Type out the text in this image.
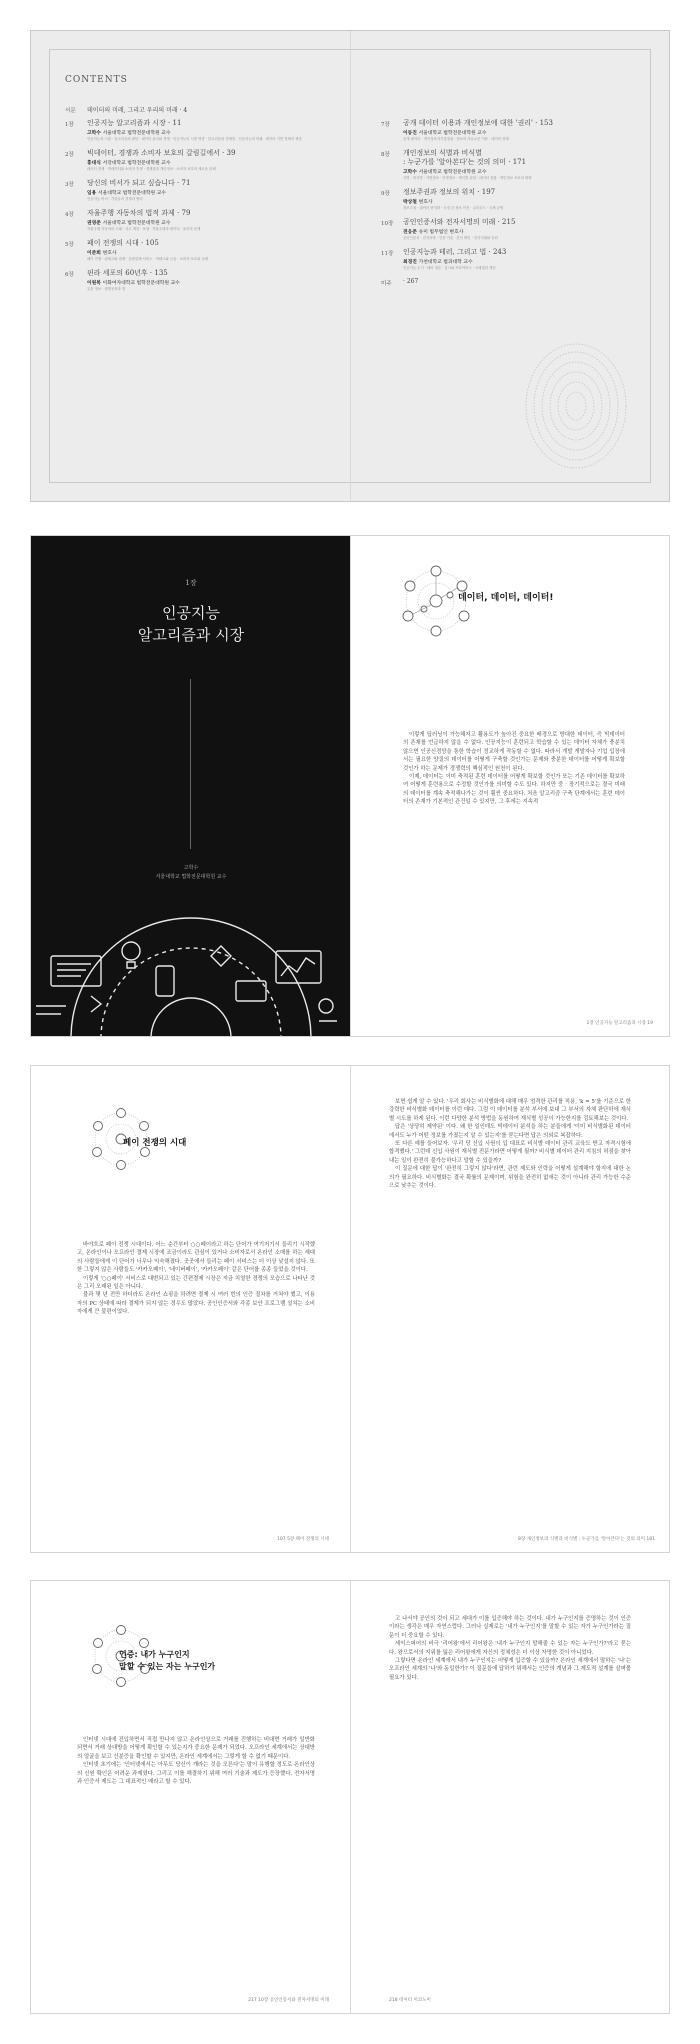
CONTENTS
서문	데이터의 미래, 그리고 우리의 미래 · 4
1장	인공지능 알고리즘과 시장 · 11
고학수 서울대학교 법학전문대학원 교수
인공지능과 시장 · 알고리즘의 판단 · 데이터 윤리와 경쟁 · 인공지능의 시장 영향 · 알고리즘과 경쟁법 · 인공지능의 미래 · 데이터 기반 경제의 쟁점
2장	빅데이터, 경쟁과 소비자 보호의 갈림길에서 · 39
홍대식 서강대학교 법학전문대학원 교수
데이터 경쟁 · 빅데이터와 소비자 후생 · 경쟁법과 개인정보 · 소비자 보호의 새로운 과제
3장	당신의 비서가 되고 싶습니다 · 71
임용 서울대학교 법학전문대학원 교수
인공지능 비서 · 기업들의 경쟁과 협력
4장	자율주행 자동차의 법적 과제 · 79
권영준 서울대학교 법학전문대학원 교수
자율주행 자동차의 도래 · 사고 책임 · 보험 · 자율주행과 데이터 · 윤리적 문제
5장	페이 전쟁의 시대 · 105
이준희 변호사
페이 전쟁 · 핀테크와 결제 · 간편결제 서비스 · 빅테크와 금융 · 소비자 보호와 규제
6장	핀라 세포의 60년후 · 135
이원복 이화여자대학교 법학전문대학원 교수
유전 정보 · 생명공학과 법
7장	공개 데이터 이용과 개인정보에 대한 '권리' · 153
이동진 서울대학교 법학전문대학원 교수
공개 데이터 · 개인정보자기결정권 · 정보의 자유로운 이용 · 데이터 경제
8장	개인정보의 식별과 비식별
: 누군가를 '알아본다'는 것의 의미 · 171
고학수 서울대학교 법학전문대학원 교수
식별 · 비식별 · 가명정보 · 익명정보 · 재식별 위험 · 데이터 결합 · 개인정보 보호의 방향
9장	정보주권과 정보의 위치 · 197
박상철 변호사
정보주권 · 데이터 현지화 · 국경 간 정보 이전 · 클라우드 · 국제 규범
10장	공인인증서와 전자서명의 미래 · 215
전응준 유미 법무법인 변호사
공인인증서 · 전자서명 · 인증 기술 · 본인 확인 · 전자거래와 신뢰
11장	인공지능과 테러, 그리고 법 · 243
최경진 가천대학교 법과대학 교수
인공지능 무기 · 테러 대응 · 감시와 프라이버시 · 국제법과 책임
미주	· 267
1장
인공지능
알고리즘과 시장
고학수
서울대학교 법학전문대학원 교수
데이터, 데이터, 데이터!

이렇게 딥러닝이 가능해지고 활용도가 높아진 중요한 배경으로 방대한 데이터, 즉 빅데이터의 존재를 언급하지 않을 수 없다. 인공지능이 훈련되고 학습할 수 있는 데이터 자체가 충분치 않으면 인공신경망을 통한 학습이 정교하게 작동할 수 없다. 따라서 개발 개발자나 기업 입장에서는 필요한 양질의 데이터를 어떻게 구축할 것인가는 문제와 충분한 데이터를 어떻게 확보할 것인가 하는 문제가 경쟁력의 핵심적인 원천이 된다.

이제, 데이터는 이미 축적된 훈련 데이터를 어떻게 확보할 것인가 또는 기존 데이터를 확보하여 어떻게 훈련용으로 수정할 것인가를 의미할 수도 있다. 하지만 중 · 장기적으로는 결국 미래의 데이터를 계속 축적해나가는 것이 훨씬 중요하다. 처음 알고리즘 구축 단계에서는 훈련 데이터의 존재가 기본적인 관건일 수 있지만, 그 후에는 지속적

1장 인공지능 알고리즘과 시장 19
페이 전쟁의 시대

바야흐로 페이 전쟁 시대이다. 어느 순간부터 ○○페이라고 하는 단어가 여기저기서 들리기 시작했고, 온라인이나 오프라인 결제 시장에 조금이라도 관심이 있거나 소비자로서 온라인 소매를 하는 세대의 사람들에게 이 단어가 너무나 익숙해졌다. 곳곳에서 들리는 페이 서비스는 더 이상 낯설지 않다. 또한 그렇지 않은 사람들도 '카카오페이', '네이버페이', '카카오페이' 같은 단어를 종종 들었을 것이다.

이렇게 '○○페이' 서비스로 대변되고 있는 간편결제 시장은 지금 치열한 경쟁의 모습으로 나타난 것은 그리 오래된 일은 아니다.

불과 몇 년 전만 하더라도 온라인 쇼핑을 하려면 결제 시 여러 번의 인증 절차를 거쳐야 했고, 이용자의 PC 상태에 따라 결제가 되지 않는 경우도 많았다. 공인인증서와 각종 보안 프로그램 설치는 소비자에게 큰 불편이었다.

107 5장 페이 전쟁의 시대

보면 쉽게 알 수 있다. '우리 회사는 비식별화에 대해 매우 엄격한 관리를 적용, 'k = 5'를 기준으로 한 강력한 비식별화 데이터를 이런 데다. 그럼 이 데이터를 분석 부서에 보내 그 부서의 자체 판단하에 재식별 시도를 하게 된다. 이런 다양한 분석 방법을 동원하여 재식별 성공이 가능한지를 검토해보는 것이다.

답은 '상당히 제약된' 이다. 왜 한 일인데도 빅데이터 분석을 하는 분들에게 '이미 비식별화된 데이터에서도 누가 어떤 정보를 가졌는지 알 수 있는지'를 묻는다면 답은 의외로 복잡하다.

또 다른 예를 들어보자. '우리 당 신입 사원이 입 대표로 비식별 데이터 관리 교육도 받고 자격시험에 합격했다.' 그런데 신입 사원이 재식별 전문가라면 어떻게 될까? 비식별 데이터 관리 지침의 허점을 찾아내는 일이 완전히 불가능하다고 말할 수 있을까?

이 질문에 대한 답이 '완전히 그렇지 않다'라면, 관련 제도와 인력을 어떻게 설계해야 할지에 대한 논의가 필요하다. 비식별화는 결국 확률의 문제이며, 위험을 완전히 없애는 것이 아니라 관리 가능한 수준으로 낮추는 것이다.

8장 개인정보의 식별과 비식별 : 누군가를 '알아본다'는 것의 의미 181
인증: 내가 누구인지
말할 수 있는 자는 누구인가

인터넷 시대에 진입하면서 직접 만나지 않고 온라인상으로 거래를 진행하는 비대면 거래가 일반화되면서 거래 상대방을 어떻게 확인할 수 있는지가 중요한 문제가 되었다. 오프라인 세계에서는 상대방의 얼굴을 보고 신분증을 확인할 수 있지만, 온라인 세계에서는 그렇게 할 수 없기 때문이다.

인터넷 초기에는 '인터넷에서는 아무도 당신이 개라는 것을 모른다'는 말이 유행할 정도로 온라인상의 신원 확인은 어려운 과제였다. 그리고 이를 해결하기 위해 여러 기술과 제도가 등장했다. 전자서명과 인증서 제도는 그 대표적인 예라고 할 수 있다.

217 10장 공인인증서와 전자서명의 미래

고 나서야 공인의 것이 되고 세대가 이를 입증해야 하는 것이다. 내가 누구인지를 증명하는 것이 인증이라는 생각은 매우 자연스럽다. 그러나 실제로는 '내가 누구인지'를 말할 수 있는 자가 누구인가라는 질문이 더 중요할 수 있다.

세익스피어의 비극 '리어왕'에서 리어왕은 '내가 누구인지 말해줄 수 있는 자는 누구인가?'라고 묻는다. 왕으로서의 지위를 잃은 리어왕에게 자신의 정체성은 더 이상 자명한 것이 아니었다.

그렇다면 온라인 세계에서 내가 누구인지는 어떻게 입증할 수 있을까? 온라인 세계에서 말하는 '나'는 오프라인 세계의 '나'와 동일한가? 이 질문들에 답하기 위해서는 인증의 개념과 그 제도적 설계를 살펴볼 필요가 있다.

218 데이터 이코노미
